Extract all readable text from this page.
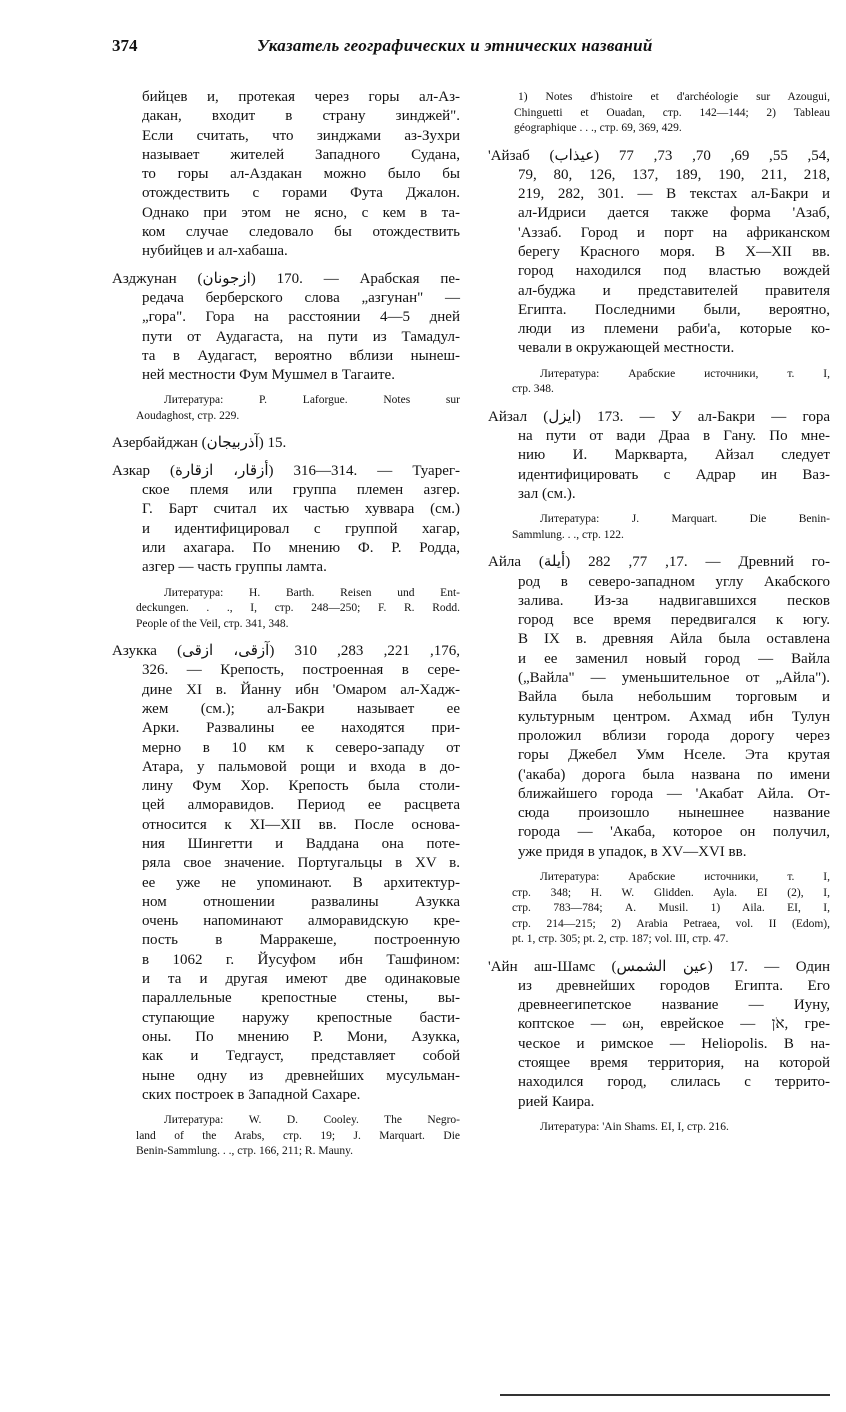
374	Указатель географических и этнических названий
бийцев и, протекая через горы ал-Аз-
дакан, входит в страну зинджей".
Если считать, что зинджами аз-Зухри
называет жителей Западного Судана,
то горы ал-Аздакан можно было бы
отождествить с горами Фута Джалон.
Однако при этом не ясно, с кем в та-
ком случае следовало бы отождествить
нубийцев и ал-хабаша.
Азджунан (ازجونان) 170. — Арабская пе-
редача берберского слова „азгунан" —
„гора". Гора на расстоянии 4—5 дней
пути от Аудагаста, на пути из Тамадул-
та в Аудагаст, вероятно вблизи нынеш-
ней местности Фум Мушмел в Тагаите.
Литература: P. Laforgue. Notes sur
Aoudaghost, стр. 229.
Азербайджан (آذربيجان) 15.
Азкар (أزقار، ازقارة) 314—316. — Туарег-
ское племя или группа племен азгер.
Г. Барт считал их частью хуввара (см.)
и идентифицировал с группой хагар,
или ахагара. По мнению Ф. Р. Родда,
азгер — часть группы ламта.
Литература: H. Barth. Reisen und Ent-
deckungen. . ., I, стр. 248—250; F. R. Rodd.
People of the Veil, стр. 341, 348.
Азукка (آزقى، ازقى) 176, 221, 283, 310,
326. — Крепость, построенная в сере-
дине XI в. Йанну ибн 'Омаром ал-Хадж-
жем (см.); ал-Бакри называет ее
Арки. Развалины ее находятся при-
мерно в 10 км к северо-западу от
Атара, у пальмовой рощи и входа в до-
лину Фум Хор. Крепость была столи-
цей алморавидов. Период ее расцвета
относится к XI—XII вв. После основа-
ния Шингетти и Ваддана она поте-
ряла свое значение. Португальцы в XV в.
ее уже не упоминают. В архитектур-
ном отношении развалины Азукка
очень напоминают алморавидскую кре-
пость в Марракеше, построенную
в 1062 г. Йусуфом ибн Ташфином:
и та и другая имеют две одинаковые
параллельные крепостные стены, вы-
ступающие наружу крепостные басти-
оны. По мнению Р. Мони, Азукка,
как и Тедгауст, представляет собой
ныне одну из древнейших мусульман-
ских построек в Западной Сахаре.
Литература: W. D. Cooley. The Negro-
land of the Arabs, стр. 19; J. Marquart. Die
Benin-Sammlung. . ., стр. 166, 211; R. Mauny.
1) Notes d'histoire et d'archéologie sur Azougui,
Chinguetti et Ouadan, стр. 142—144; 2) Tableau
géographique . . ., стр. 69, 369, 429.
'Айзаб (عيذاب) 54, 55, 69, 70, 73, 77,
79, 80, 126, 137, 189, 190, 211, 218,
219, 282, 301. — В текстах ал-Бакри и
ал-Идриси дается также форма 'Азаб,
'Аззаб. Город и порт на африканском
берегу Красного моря. В X—XII вв.
город находился под властью вождей
ал-буджа и представителей правителя
Египта. Последними были, вероятно,
люди из племени раби'а, которые ко-
чевали в окружающей местности.
Литература: Арабские источники, т. I,
стр. 348.
Айзал (ايزل) 173. — У ал-Бакри — гора
на пути от вади Драа в Гану. По мне-
нию И. Маркварта, Айзал следует
идентифицировать с Адрар ин Ваз-
зал (см.).
Литература: J. Marquart. Die Benin-
Sammlung. . ., стр. 122.
Айла (أيلة) 17, 77, 282. — Древний го-
род в северо-западном углу Акабского
залива. Из-за надвигавшихся песков
город все время передвигался к югу.
В IX в. древняя Айла была оставлена
и ее заменил новый город — Вайла
(„Вайла" — уменьшительное от „Айла").
Вайла была небольшим торговым и
культурным центром. Ахмад ибн Тулун
проложил вблизи города дорогу через
горы Джебел Умм Нселе. Эта крутая
('акаба) дорога была названа по имени
ближайшего города — 'Акабат Айла. От-
сюда произошло нынешнее название
города — 'Акаба, которое он получил,
уже придя в упадок, в XV—XVI вв.
Литература: Арабские источники, т. I,
стр. 348; H. W. Glidden. Ayla. EI (2), I,
стр. 783—784; A. Musil. 1) Aila. EI, I,
стр. 214—215; 2) Arabia Petraea, vol. II (Edom),
pt. 1, стр. 305; pt. 2, стр. 187; vol. III, стр. 47.
'Айн аш-Шамс (عين الشمس) 17. — Один
из древнейших городов Египта. Его
древнеегипетское название — Иуну,
коптское — ωн, еврейское — אֹן, гре-
ческое и римское — Heliopolis. В на-
стоящее время территория, на которой
находился город, слилась с террито-
рией Каира.
Литература: 'Ain Shams. EI, I, стр. 216.
